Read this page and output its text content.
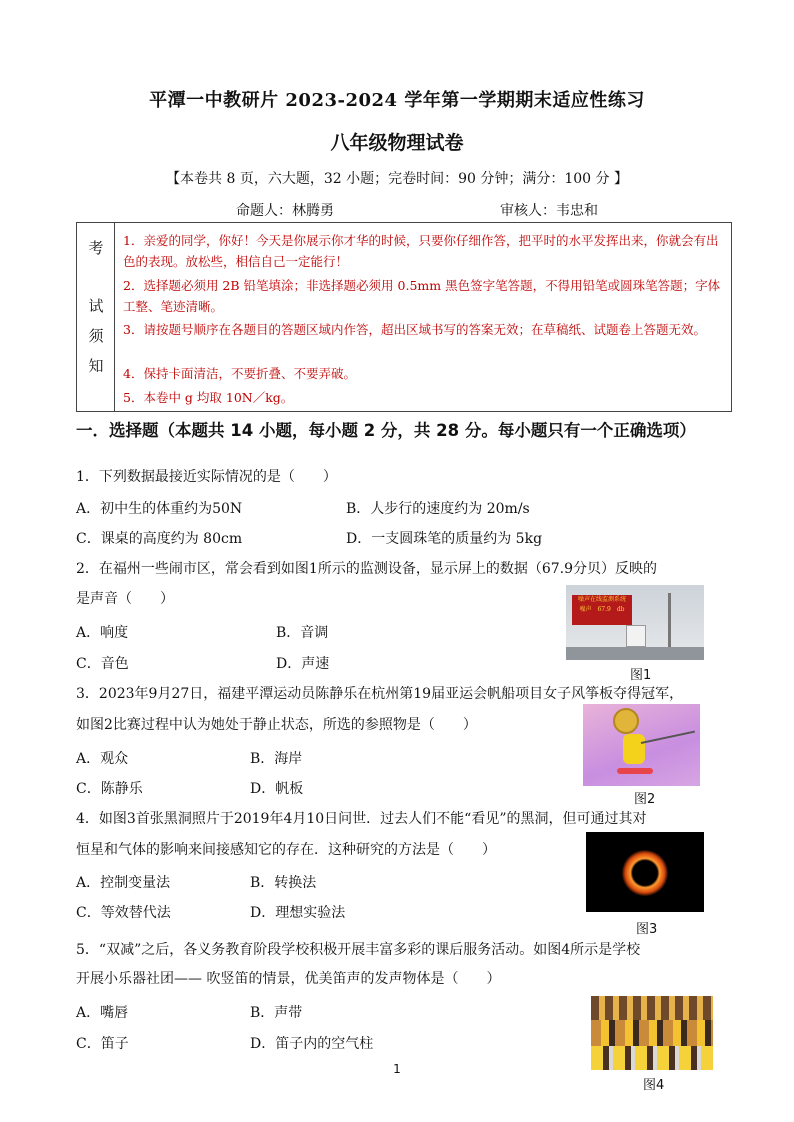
平潭一中教研片 2023-2024 学年第一学期期末适应性练习
八年级物理试卷
【本卷共 8 页，六大题，32 小题；完卷时间：90 分钟；满分：100 分 】
命题人：林腾勇	审核人：韦忠和
考
试
须
知
1．亲爱的同学，你好！今天是你展示你才华的时候，只要你仔细作答，把平时的水平发挥出来，你就会有出色的表现。放松些，相信自己一定能行！
2．选择题必须用 2B 铅笔填涂；非选择题必须用 0.5mm 黑色签字笔答题，不得用铅笔或圆珠笔答题；字体工整、笔迹清晰。
3．请按题号顺序在各题目的答题区域内作答，超出区域书写的答案无效；在草稿纸、试题卷上答题无效。
4．保持卡面清洁，不要折叠、不要弄破。
5．本卷中 g 均取 10N／kg。
一．选择题（本题共 14 小题，每小题 2 分，共 28 分。每小题只有一个正确选项）
1．下列数据最接近实际情况的是（　　）
A．初中生的体重约为50N	B．人步行的速度约为 20m/s
C．课桌的高度约为 80cm	D．一支圆珠笔的质量约为 5kg
2．在福州一些闹市区，常会看到如图1所示的监测设备，显示屏上的数据（67.9分贝）反映的
是声音（　　）
A．响度	B．音调
C．音色	D．声速
噪声在线监测系统
噪声　67.9　db
图1
3．2023年9月27日，福建平潭运动员陈静乐在杭州第19届亚运会帆船项目女子风筝板夺得冠军，
如图2比赛过程中认为她处于静止状态，所选的参照物是（　　）
A．观众	B．海岸
C．陈静乐	D．帆板
图2
4．如图3首张黑洞照片于2019年4月10日问世．过去人们不能“看见”的黑洞，但可通过其对
恒星和气体的影响来间接感知它的存在．这种研究的方法是（　　）
A．控制变量法	B．转换法
C．等效替代法	D．理想实验法
图3
5．“双减”之后，各义务教育阶段学校积极开展丰富多彩的课后服务活动。如图4所示是学校
开展小乐器社团—— 吹竖笛的情景，优美笛声的发声物体是（　　）
A．嘴唇	B．声带
C．笛子	D．笛子内的空气柱
图4
1
